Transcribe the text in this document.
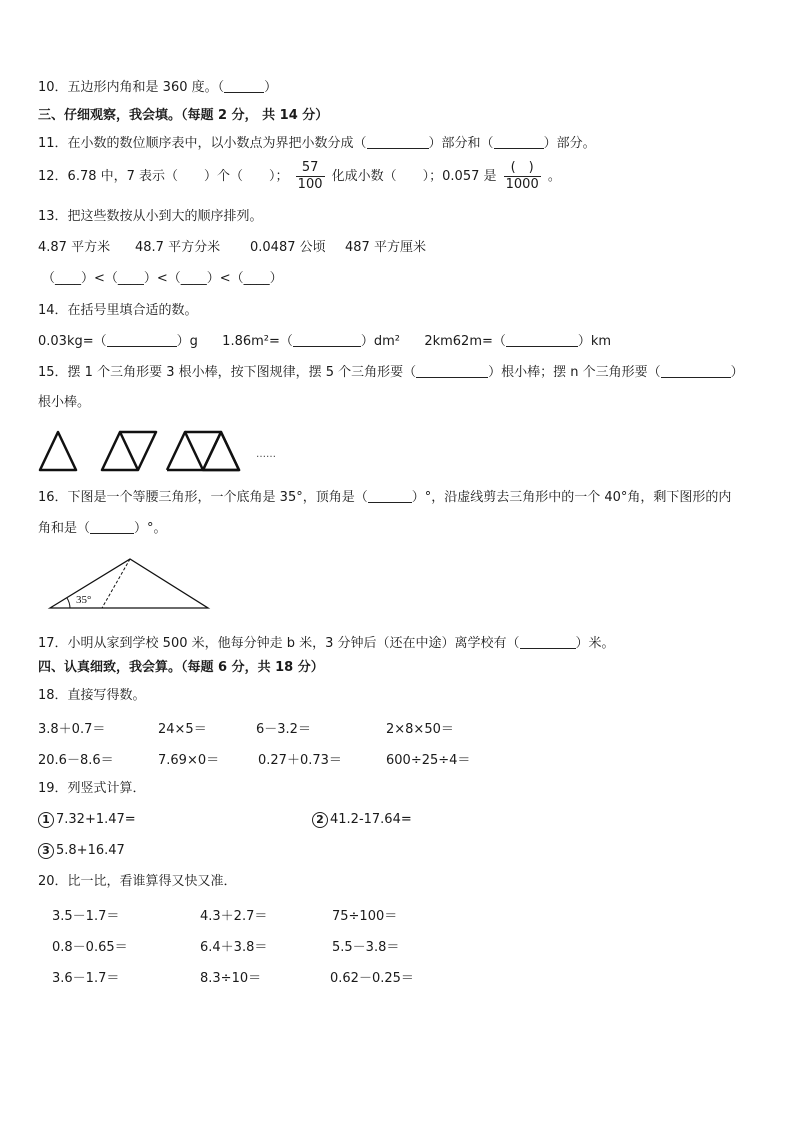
10．五边形内角和是 360 度。（	）
三、仔细观察，我会填。（每题 2 分， 共 14 分）
11．在小数的数位顺序表中，以小数点为界把小数分成（	）部分和（	）部分。
12．6.78 中，7 表示（　　）个（　　）； $\frac{57}{100}$ 化成小数（　　）；0.057 是 $\frac{( )}{1000}$ 。
13．把这些数按从小到大的顺序排列。
4.87 平方米 48.7 平方分米 0.0487 公顷 487 平方厘米
（____）<（____）<（____）<（____）
14．在括号里填合适的数。
0.03kg=（	）g 1.86m²=（	）dm² 2km62m=（	）km
15．摆 1 个三角形要 3 根小棒，按下图规律，摆 5 个三角形要（	）根小棒；摆 n 个三角形要（	）
根小棒。
……
16．下图是一个等腰三角形，一个底角是 35°，顶角是（	）°，沿虚线剪去三角形中的一个 40°角，剩下图形的内
角和是（	）°。
35°
17．小明从家到学校 500 米，他每分钟走 b 米，3 分钟后（还在中途）离学校有（	）米。
四、认真细致，我会算。（每题 6 分，共 18 分）
18．直接写得数。
3.8＋0.7＝	24×5＝	6－3.2＝	2×8×50＝
20.6－8.6＝	7.69×0＝	0.27＋0.73＝	600÷25÷4＝
19．列竖式计算．
1 7.32+1.47=	2 41.2-17.64=
3 5.8+16.47
20．比一比，看谁算得又快又准．
3.5－1.7＝	4.3＋2.7＝	75÷100＝
0.8－0.65＝	6.4＋3.8＝	5.5－3.8＝
3.6－1.7＝	8.3÷10＝	0.62－0.25＝
